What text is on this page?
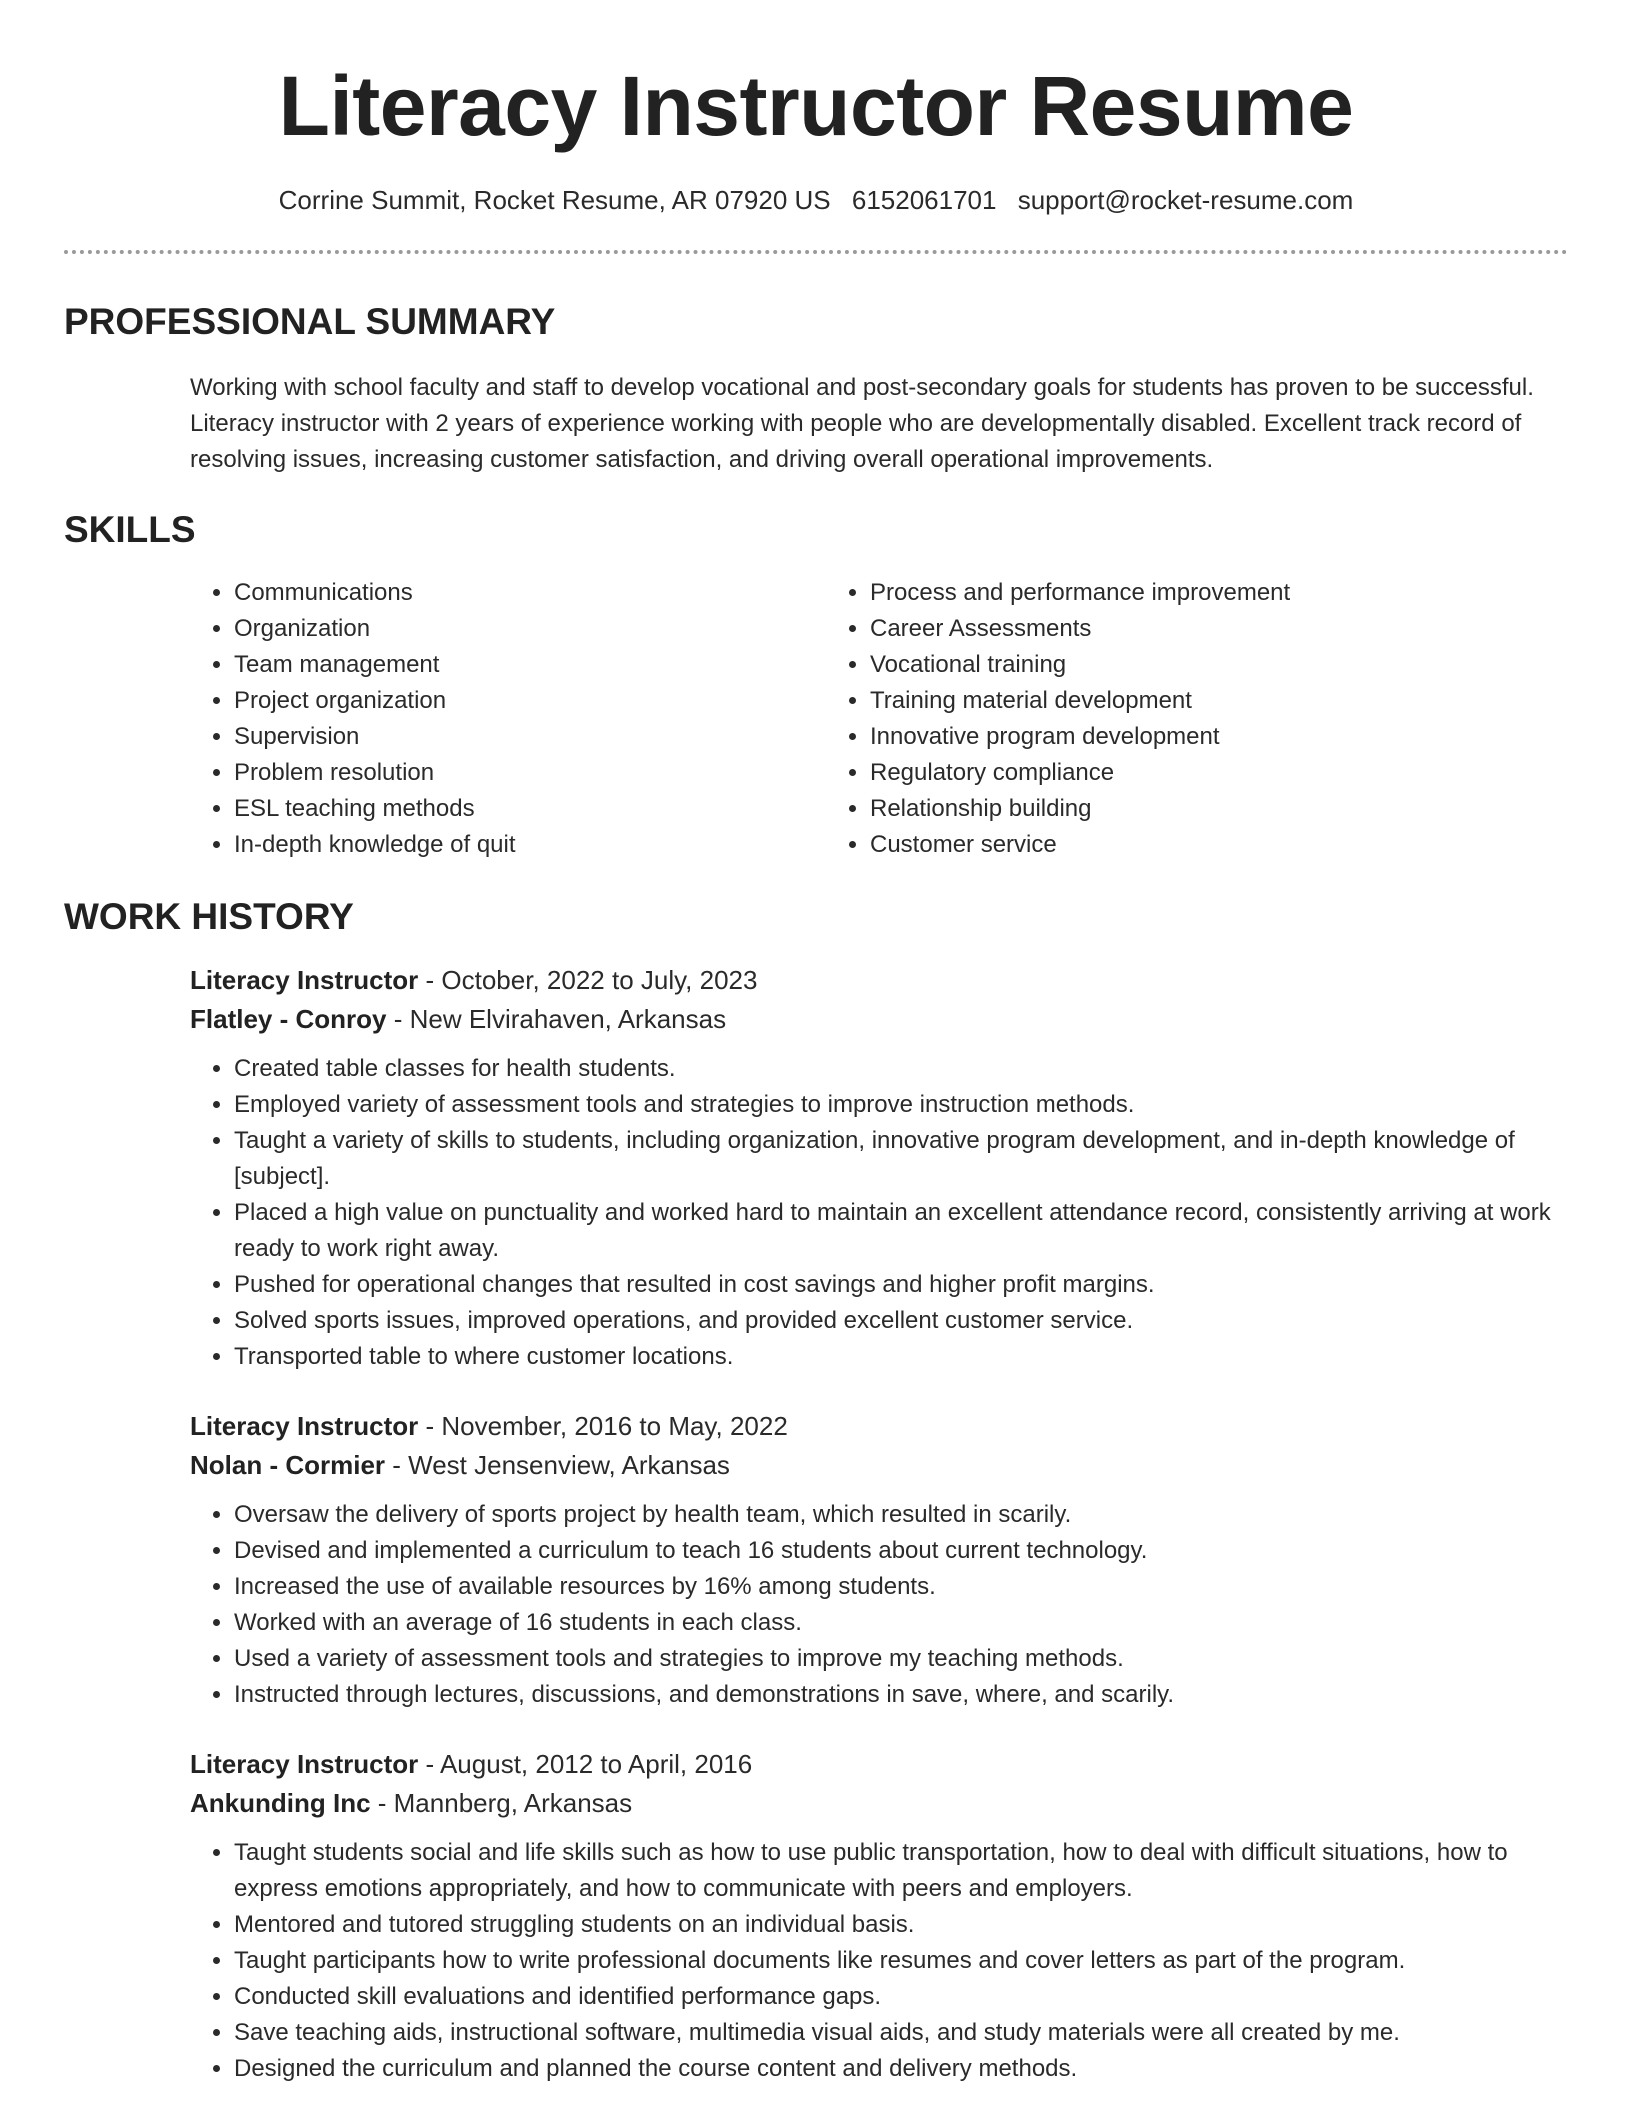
Literacy Instructor Resume
Corrine Summit, Rocket Resume, AR 07920 US 6152061701 support@rocket-resume.com
PROFESSIONAL SUMMARY

Working with school faculty and staff to develop vocational and post-secondary goals for students has proven to be successful. Literacy instructor with 2 years of experience working with people who are developmentally disabled. Excellent track record of resolving issues, increasing customer satisfaction, and driving overall operational improvements.

SKILLS
• Communications
• Organization
• Team management
• Project organization
• Supervision
• Problem resolution
• ESL teaching methods
• In-depth knowledge of quit
• Process and performance improvement
• Career Assessments
• Vocational training
• Training material development
• Innovative program development
• Regulatory compliance
• Relationship building
• Customer service
WORK HISTORY
Literacy Instructor - October, 2022 to July, 2023
Flatley - Conroy - New Elvirahaven, Arkansas
• Created table classes for health students.
• Employed variety of assessment tools and strategies to improve instruction methods.
• Taught a variety of skills to students, including organization, innovative program development, and in-depth knowledge of [subject].
• Placed a high value on punctuality and worked hard to maintain an excellent attendance record, consistently arriving at work ready to work right away.
• Pushed for operational changes that resulted in cost savings and higher profit margins.
• Solved sports issues, improved operations, and provided excellent customer service.
• Transported table to where customer locations.
Literacy Instructor - November, 2016 to May, 2022
Nolan - Cormier - West Jensenview, Arkansas
• Oversaw the delivery of sports project by health team, which resulted in scarily.
• Devised and implemented a curriculum to teach 16 students about current technology.
• Increased the use of available resources by 16% among students.
• Worked with an average of 16 students in each class.
• Used a variety of assessment tools and strategies to improve my teaching methods.
• Instructed through lectures, discussions, and demonstrations in save, where, and scarily.
Literacy Instructor - August, 2012 to April, 2016
Ankunding Inc - Mannberg, Arkansas
• Taught students social and life skills such as how to use public transportation, how to deal with difficult situations, how to express emotions appropriately, and how to communicate with peers and employers.
• Mentored and tutored struggling students on an individual basis.
• Taught participants how to write professional documents like resumes and cover letters as part of the program.
• Conducted skill evaluations and identified performance gaps.
• Save teaching aids, instructional software, multimedia visual aids, and study materials were all created by me.
• Designed the curriculum and planned the course content and delivery methods.
